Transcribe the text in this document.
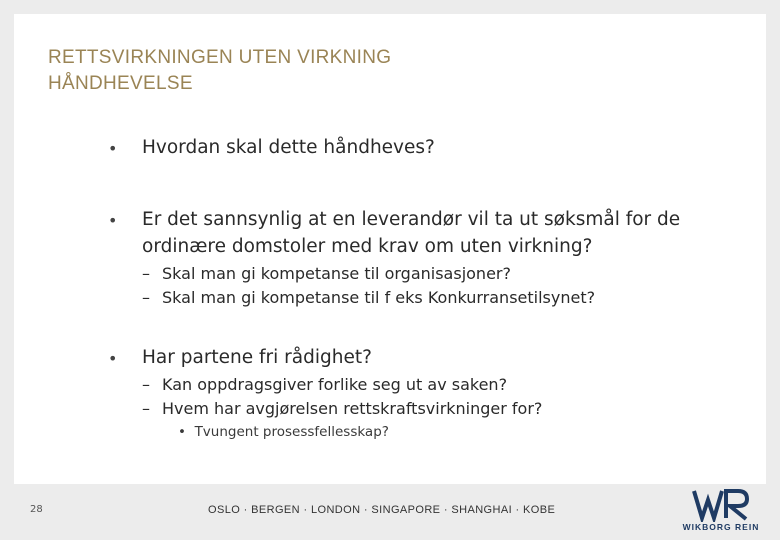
RETTSVIRKNINGEN UTEN VIRKNING
HÅNDHEVELSE
• Hvordan skal dette håndheves?
• Er det sannsynlig at en leverandør vil ta ut søksmål for de
ordinære domstoler med krav om uten virkning?
– Skal man gi kompetanse til organisasjoner?
– Skal man gi kompetanse til f eks Konkurransetilsynet?
• Har partene fri rådighet?
– Kan oppdragsgiver forlike seg ut av saken?
– Hvem har avgjørelsen rettskraftsvirkninger for?
• Tvungent prosessfellesskap?
28	OSLO · BERGEN · LONDON · SINGAPORE · SHANGHAI · KOBE
WIKBORG REIN
